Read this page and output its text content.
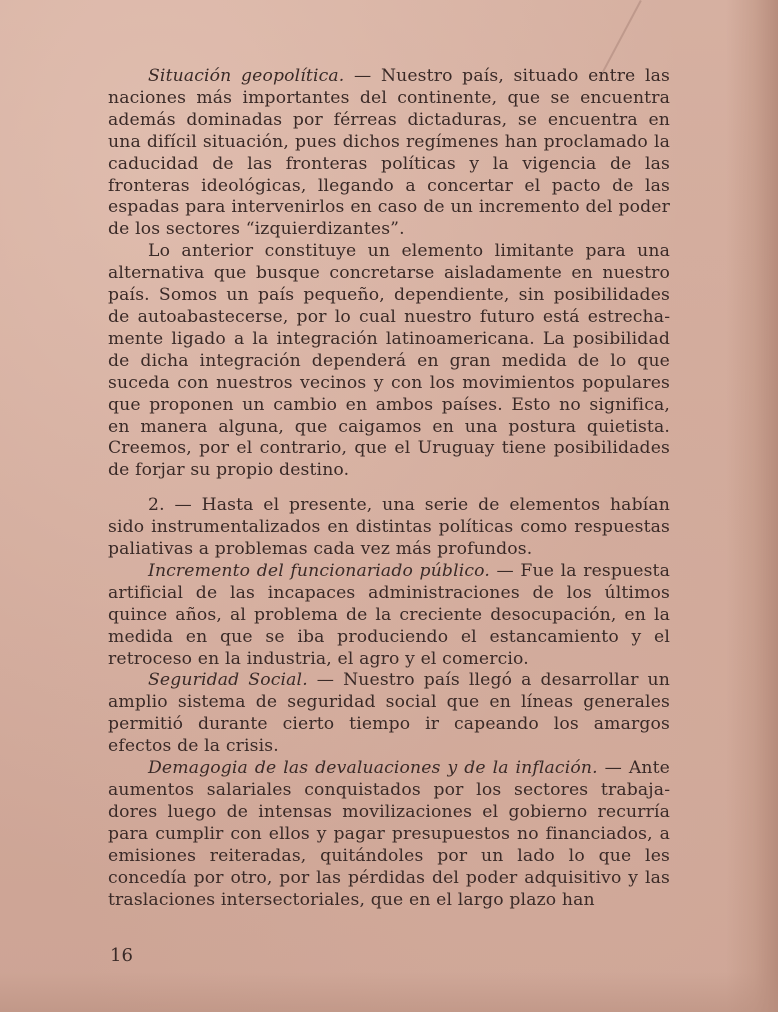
Situación geopolítica. — Nuestro país, situado entre las naciones más importantes del continente, que se encuentra además dominadas por férreas dictaduras, se encuentra en una difícil situación, pues dichos regímenes han proclamado la caducidad de las fronteras políticas y la vigencia de las fronteras ideológicas, llegando a concertar el pacto de las espadas para intervenirlos en caso de un incremento del poder de los sectores “izquierdizantes”.

Lo anterior constituye un elemento limitante para una alternativa que busque concretarse aisladamente en nuestro país. Somos un país pequeño, dependiente, sin posibilidades de autoabastecerse, por lo cual nuestro futuro está estrechamente ligado a la integración latinoamericana. La posibilidad de dicha integración dependerá en gran medida de lo que suceda con nuestros vecinos y con los movimientos populares que proponen un cambio en ambos países. Esto no significa, en manera alguna, que caigamos en una postura quietista. Creemos, por el contrario, que el Uruguay tiene posibilidades de forjar su propio destino.

2. — Hasta el presente, una serie de elementos habían sido instrumentalizados en distintas políticas como respuestas paliativas a problemas cada vez más profundos.

Incremento del funcionariado público. — Fue la respuesta artificial de las incapaces administraciones de los últimos quince años, al problema de la creciente desocupación, en la medida en que se iba produciendo el estancamiento y el retroceso en la industria, el agro y el comercio.

Seguridad Social. — Nuestro país llegó a desarrollar un amplio sistema de seguridad social que en líneas generales permitió durante cierto tiempo ir capeando los amargos efectos de la crisis.

Demagogia de las devaluaciones y de la inflación. — Ante aumentos salariales conquistados por los sectores trabajadores luego de intensas movilizaciones el gobierno recurría para cumplir con ellos y pagar presupuestos no financiados, a emisiones reiteradas, quitándoles por un lado lo que les concedía por otro, por las pérdidas del poder adquisitivo y las traslaciones intersectoriales, que en el largo plazo han

16
